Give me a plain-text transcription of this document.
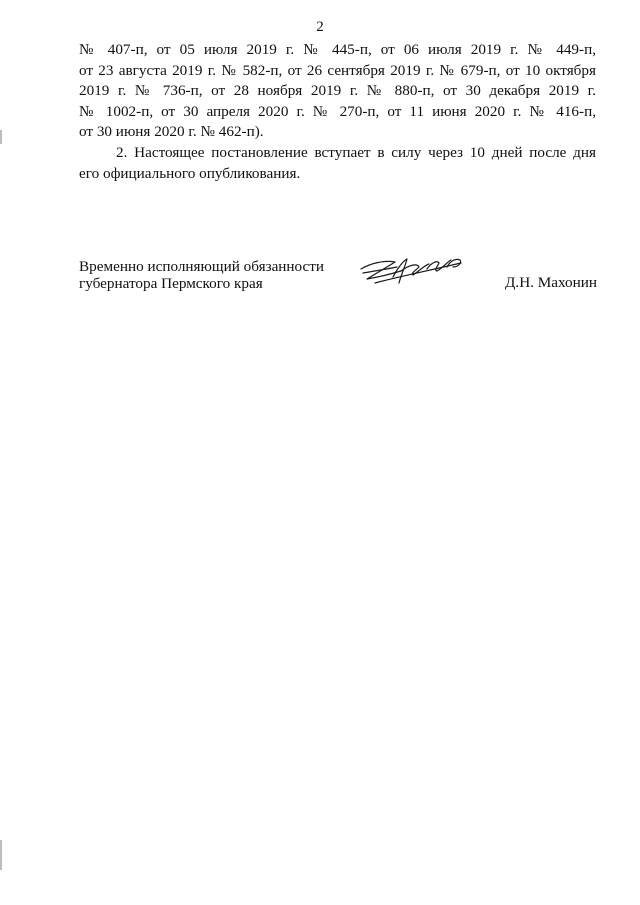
2
№ 407-п, от 05 июля 2019 г. № 445-п, от 06 июля 2019 г. № 449-п,
от 23 августа 2019 г. № 582-п, от 26 сентября 2019 г. № 679-п, от 10 октября
2019 г. № 736-п, от 28 ноября 2019 г. № 880-п, от 30 декабря 2019 г.
№ 1002-п, от 30 апреля 2020 г. № 270-п, от 11 июня 2020 г. № 416-п,
от 30 июня 2020 г. № 462-п).
2. Настоящее постановление вступает в силу через 10 дней после дня
его официального опубликования.
Временно исполняющий обязанности
губернатора Пермского края	Д.Н. Махонин
